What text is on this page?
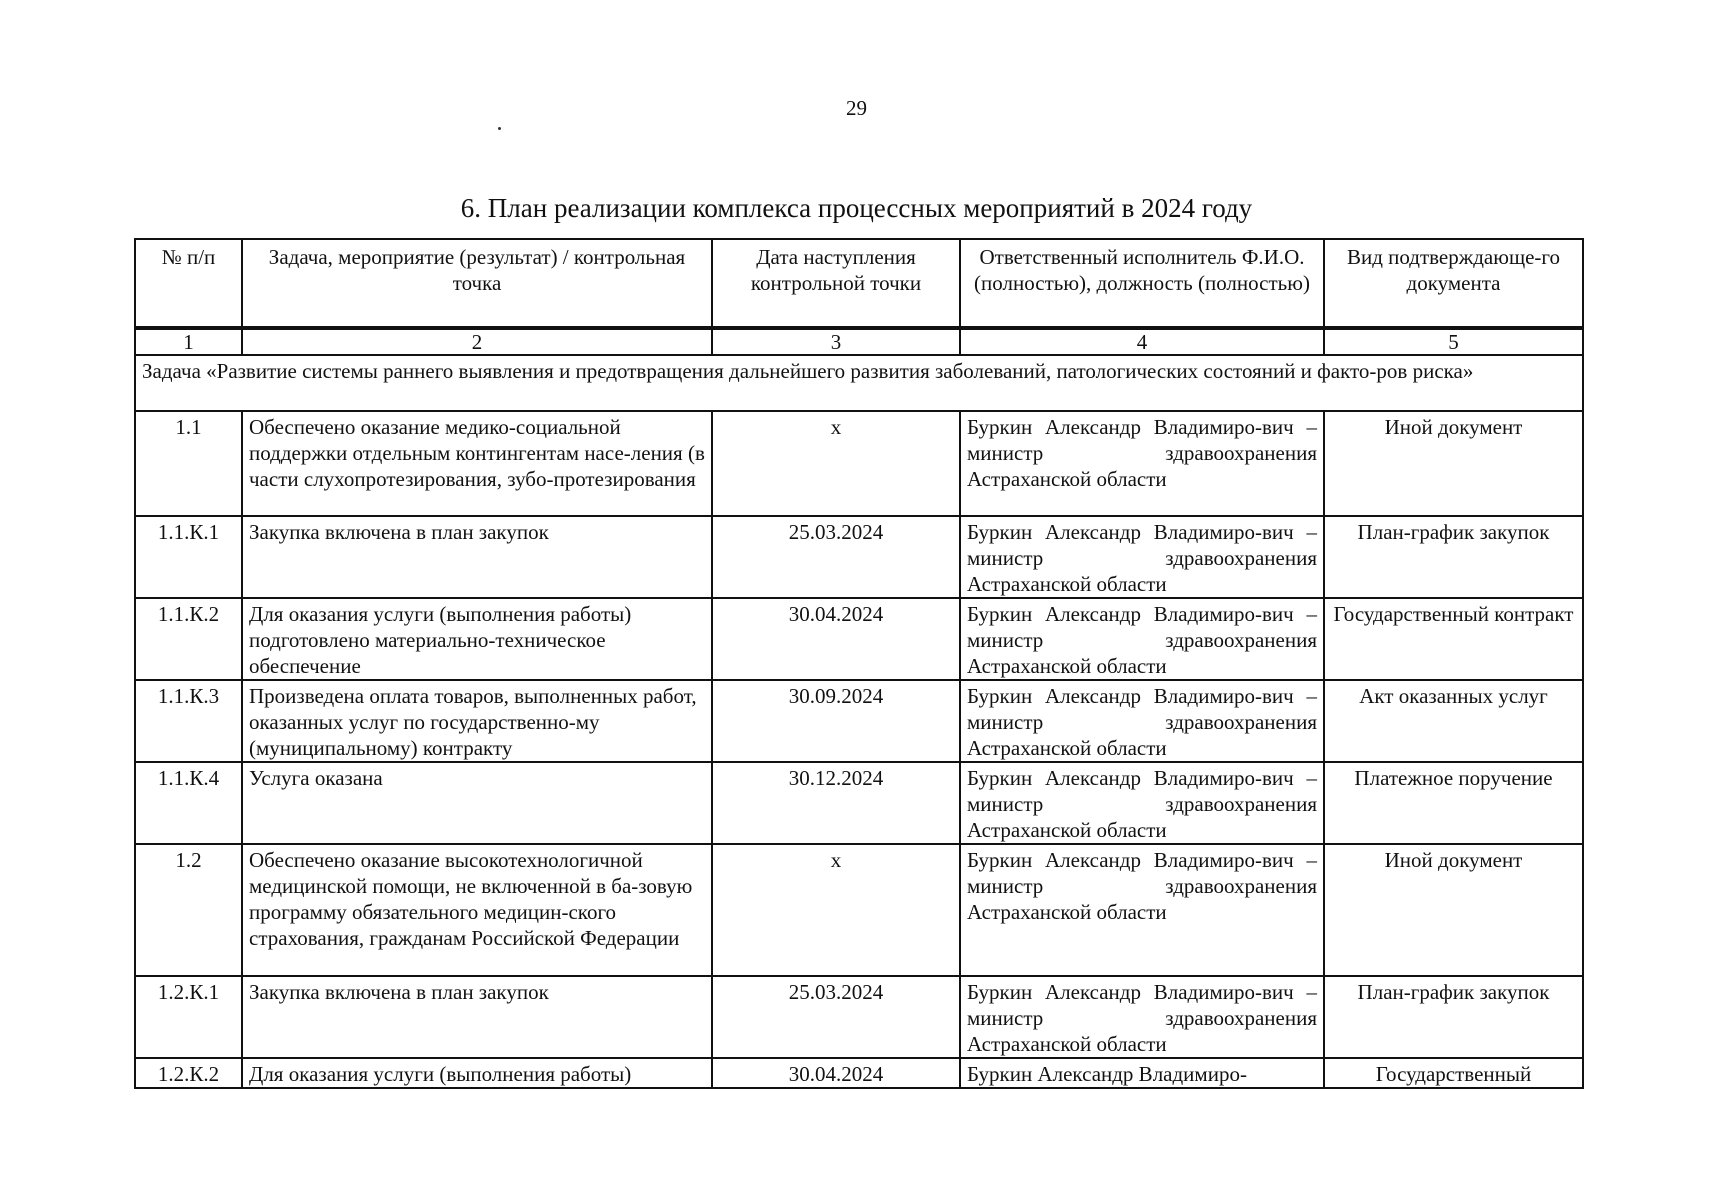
29
6. План реализации комплекса процессных мероприятий в 2024 году
№ п/п	Задача, мероприятие (результат) / контрольная точка	Дата наступления контрольной точки	Ответственный исполнитель Ф.И.О. (полностью), должность (полностью)	Вид подтверждающе-го документа
1	2	3	4	5
Задача «Развитие системы раннего выявления и предотвращения дальнейшего развития заболеваний, патологических состояний и факто-ров риска»				
1.1	Обеспечено оказание медико-социальной поддержки отдельным контингентам насе-ления (в части слухопротезирования, зубо-протезирования	х	Буркин Александр Владимиро-вич – министр здравоохранения Астраханской области	Иной документ
1.1.К.1	Закупка включена в план закупок	25.03.2024	Буркин Александр Владимиро-вич – министр здравоохранения Астраханской области	План-график закупок
1.1.К.2	Для оказания услуги (выполнения работы) подготовлено материально-техническое обеспечение	30.04.2024	Буркин Александр Владимиро-вич – министр здравоохранения Астраханской области	Государственный контракт
1.1.К.3	Произведена оплата товаров, выполненных работ, оказанных услуг по государственно-му (муниципальному) контракту	30.09.2024	Буркин Александр Владимиро-вич – министр здравоохранения Астраханской области	Акт оказанных услуг
1.1.К.4	Услуга оказана	30.12.2024	Буркин Александр Владимиро-вич – министр здравоохранения Астраханской области	Платежное поручение
1.2	Обеспечено оказание высокотехнологичной медицинской помощи, не включенной в ба-зовую программу обязательного медицин-ского страхования, гражданам Российской Федерации	х	Буркин Александр Владимиро-вич – министр здравоохранения Астраханской области	Иной документ
1.2.К.1	Закупка включена в план закупок	25.03.2024	Буркин Александр Владимиро-вич – министр здравоохранения Астраханской области	План-график закупок
1.2.К.2	Для оказания услуги (выполнения работы)	30.04.2024	Буркин Александр Владимиро-	Государственный
